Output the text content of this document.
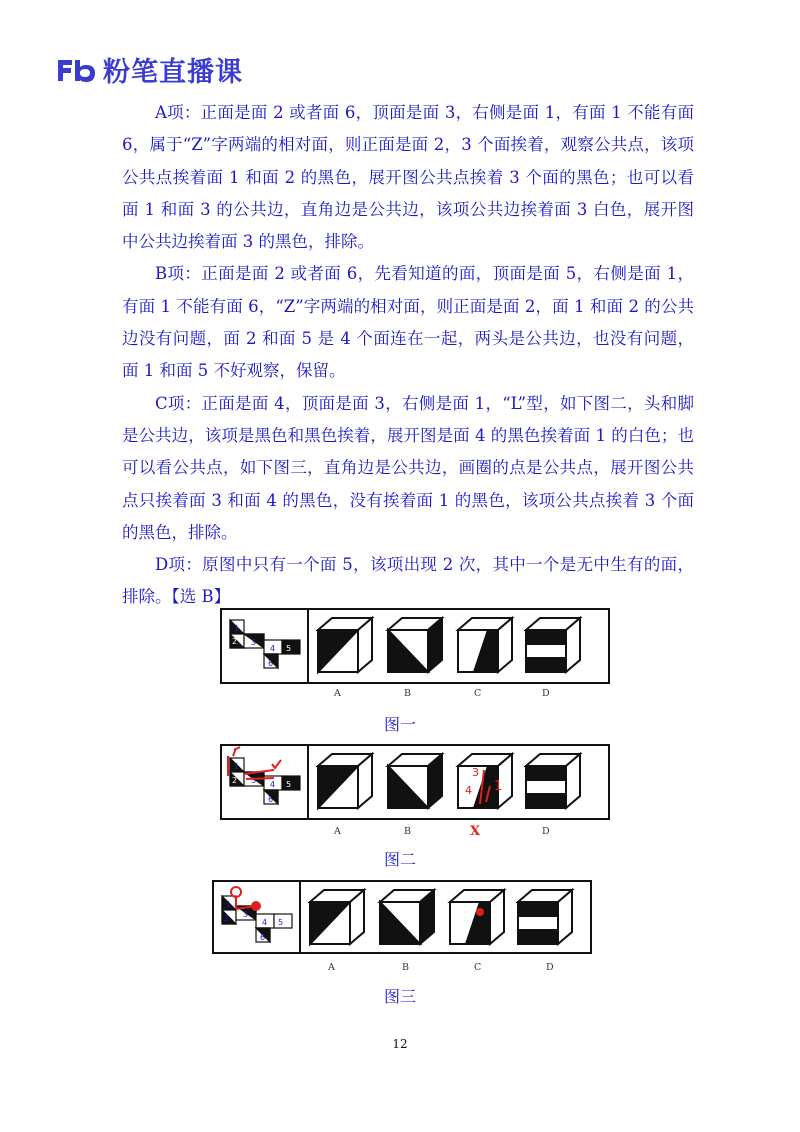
粉笔直播课

A项：正面是面 2 或者面 6，顶面是面 3，右侧是面 1，有面 1 不能有面 6，属于“Z”字两端的相对面，则正面是面 2，3 个面挨着，观察公共点，该项公共点挨着面 1 和面 2 的黑色，展开图公共点挨着 3 个面的黑色；也可以看面 1 和面 3 的公共边，直角边是公共边，该项公共边挨着面 3 白色，展开图中公共边挨着面 3 的黑色，排除。

B项：正面是面 2 或者面 6，先看知道的面，顶面是面 5，右侧是面 1，有面 1 不能有面 6，“Z”字两端的相对面，则正面是面 2，面 1 和面 2 的公共边没有问题，面 2 和面 5 是 4 个面连在一起，两头是公共边，也没有问题，面 1 和面 5 不好观察，保留。

C项：正面是面 4，顶面是面 3，右侧是面 1，“L”型，如下图二，头和脚是公共边，该项是黑色和黑色挨着，展开图是面 4 的黑色挨着面 1 的白色；也可以看公共点，如下图三，直角边是公共边，画圈的点是公共点，展开图公共点只挨着面 3 和面 4 的黑色，没有挨着面 1 的黑色，该项公共点挨着 3 个面的黑色，排除。

D项：原图中只有一个面 5，该项出现 2 次，其中一个是无中生有的面，排除。【选 B】

1
2 3
4 5
6
A	B	C	D
图一
1
2 3 4 5
6
3
4 1
A	B	X	D
图二
1
2 3
4 5
6
A	B	C	D
图三
12
